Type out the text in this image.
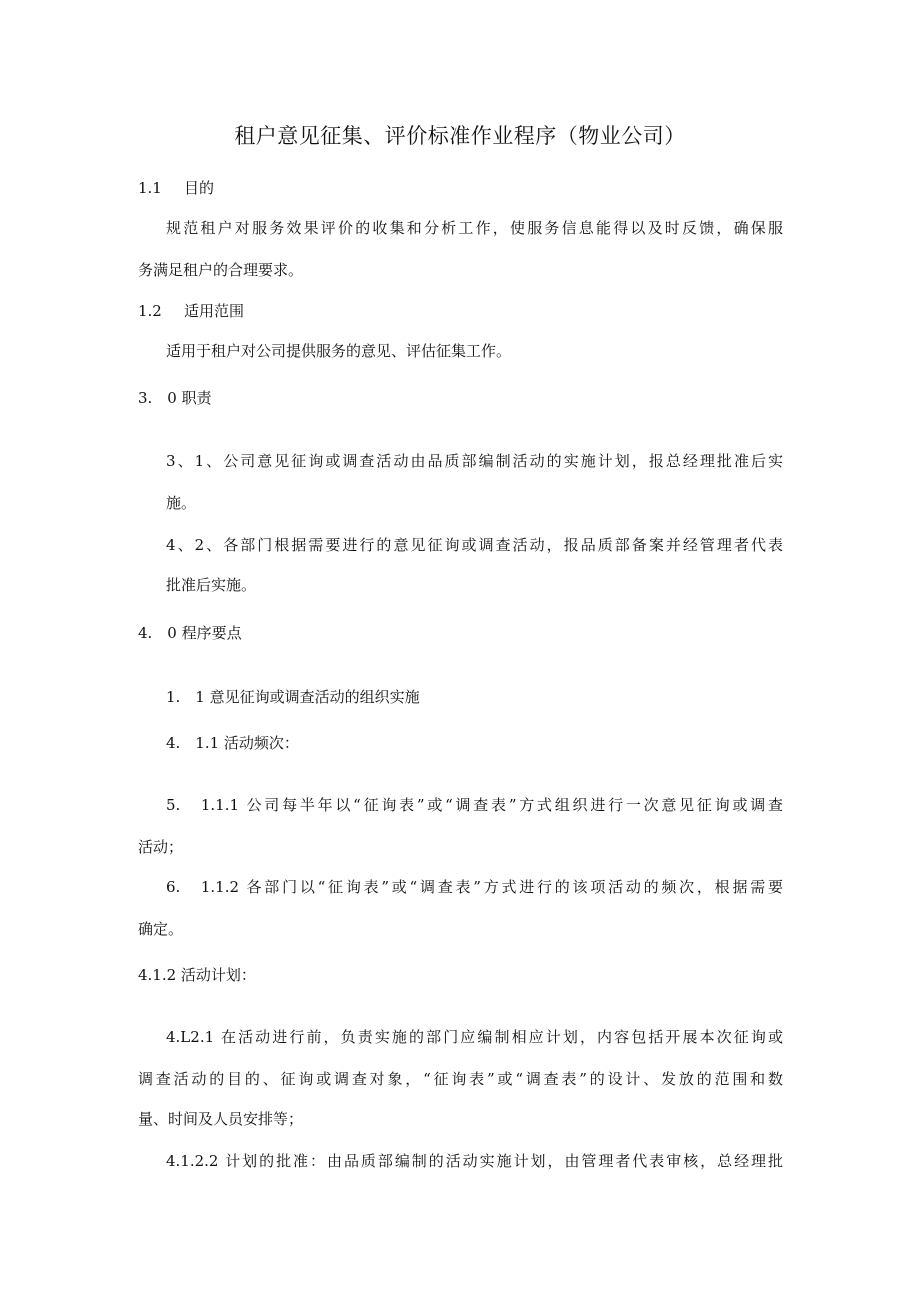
租户意见征集、评价标准作业程序（物业公司）
1.1 目的
规范租户对服务效果评价的收集和分析工作，使服务信息能得以及时反馈，确保服
务满足租户的合理要求。
1.2 适用范围
适用于租户对公司提供服务的意见、评估征集工作。
3.　0 职责
3、1、公司意见征询或调查活动由品质部编制活动的实施计划，报总经理批准后实
施。
4、2、各部门根据需要进行的意见征询或调查活动，报品质部备案并经管理者代表
批准后实施。
4.　0 程序要点
1.　1 意见征询或调查活动的组织实施
4.　1.1 活动频次：
5.　1.1.1 公司每半年以“征询表”或“调查表”方式组织进行一次意见征询或调查
活动；
6.　1.1.2 各部门以“征询表”或“调查表”方式进行的该项活动的频次，根据需要
确定。
4.1.2 活动计划：
4.L2.1 在活动进行前，负责实施的部门应编制相应计划，内容包括开展本次征询或
调查活动的目的、征询或调查对象，“征询表”或“调查表”的设计、发放的范围和数
量、时间及人员安排等；
4.1.2.2 计划的批准：由品质部编制的活动实施计划，由管理者代表审核，总经理批
